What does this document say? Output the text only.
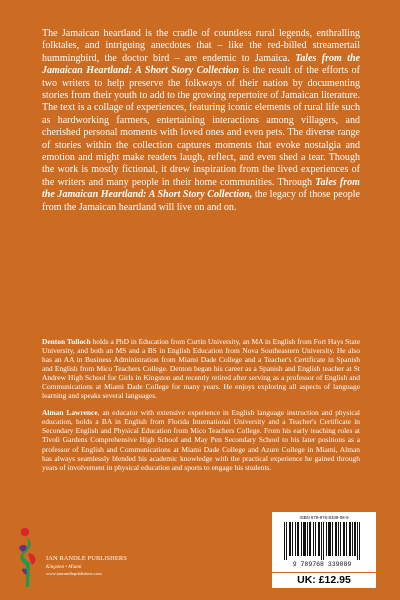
The Jamaican heartland is the cradle of countless rural legends, enthralling folktales, and intriguing anecdotes that – like the red-billed streamertail hummingbird, the doctor bird – are endemic to Jamaica. Tales from the Jamaican Heartland: A Short Story Collection is the result of the efforts of two writers to help preserve the folkways of their nation by documenting stories from their youth to add to the growing repertoire of Jamaican literature. The text is a collage of experiences, featuring iconic elements of rural life such as hardworking farmers, entertaining interactions among villagers, and cherished personal moments with loved ones and even pets. The diverse range of stories within the collection captures moments that evoke nostalgia and emotion and might make readers laugh, reflect, and even shed a tear. Though the work is mostly fictional, it drew inspiration from the lived experiences of the writers and many people in their home communities. Through Tales from the Jamaican Heartland: A Short Story Collection, the legacy of those people from the Jamaican heartland will live on and on.

Denton Tulloch holds a PhD in Education from Curtin University, an MA in English from Fort Hays State University, and both an MS and a BS in English Education from Nova Southeastern University. He also has an AA in Business Administration from Miami Dade College and a Teacher's Certificate in Spanish and English from Mico Teachers College. Denton began his career as a Spanish and English teacher at St Andrew High School for Girls in Kingston and recently retired after serving as a professor of English and Communications at Miami Dade College for many years. He enjoys exploring all aspects of language learning and speaks several languages.

Alman Lawrence, an educator with extensive experience in English language instruction and physical education, holds a BA in English from Florida International University and a Teacher's Certificate in Secondary English and Physical Education from Mico Teachers College. From his early teaching roles at Tivoli Gardens Comprehensive High School and May Pen Secondary School to his later positions as a professor of English and Communications at Miami Dade College and Azure College in Miami, Alman has always seamlessly blended his academic knowledge with the practical experience he gained through years of involvement in physical education and sports to engage his students.

IAN RANDLE PUBLISHERS
Kingston • Miami
www.ianrandlepublishers.com
ISBN 978-976-8339-08-9
9 789768 339089
UK: £12.95
